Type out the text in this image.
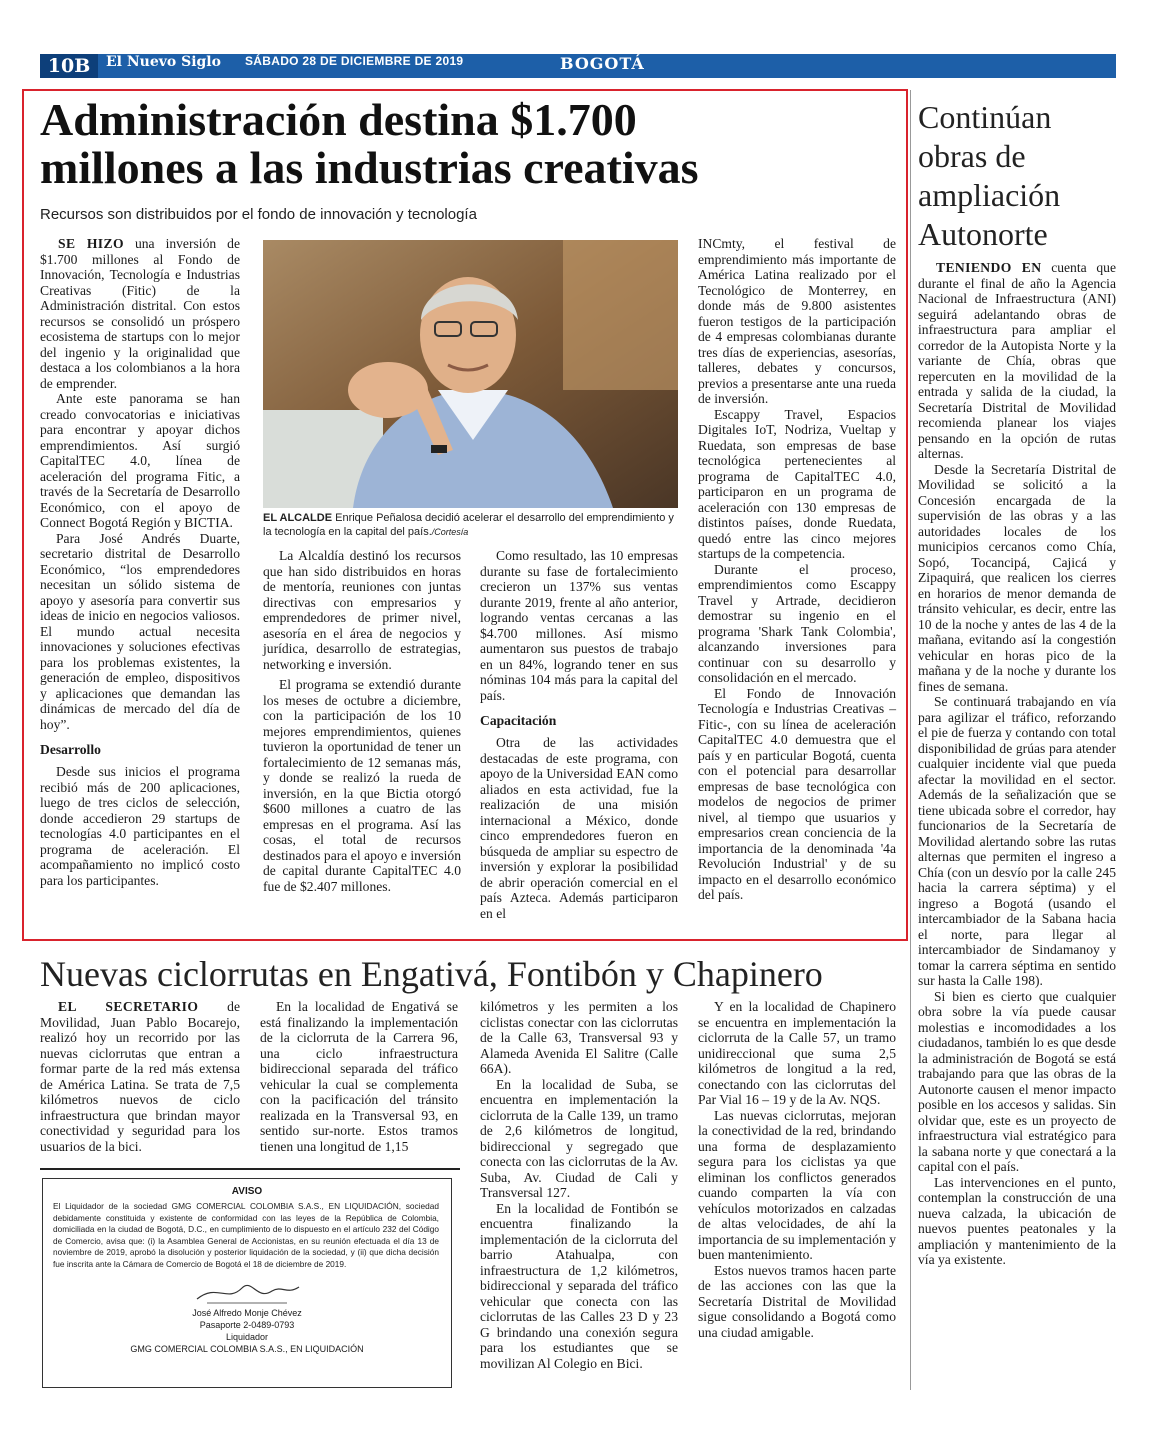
10B	El Nuevo Siglo SÁBADO 28 DE DICIEMBRE DE 2019	BOGOTÁ
Administración destina $1.700
millones a las industrias creativas
Recursos son distribuidos por el fondo de innovación y tecnología

SE HIZO una inversión de $1.700 millones al Fondo de Innovación, Tecnología e Industrias Creativas (Fitic) de la Administración distrital. Con estos recursos se consolidó un próspero ecosistema de startups con lo mejor del ingenio y la originalidad que destaca a los colombianos a la hora de emprender.

Ante este panorama se han creado convocatorias e iniciativas para encontrar y apoyar dichos emprendimientos. Así surgió CapitalTEC 4.0, línea de aceleración del programa Fitic, a través de la Secretaría de Desarrollo Económico, con el apoyo de Connect Bogotá Región y BICTIA.

Para José Andrés Duarte, secretario distrital de Desarrollo Económico, “los emprendedores necesitan un sólido sistema de apoyo y asesoría para convertir sus ideas de inicio en negocios valiosos. El mundo actual necesita innovaciones y soluciones efectivas para los problemas existentes, la generación de empleo, dispositivos y aplicaciones que demandan las dinámicas de mercado del día de hoy”.

Desarrollo

Desde sus inicios el programa recibió más de 200 aplicaciones, luego de tres ciclos de selección, donde accedieron 29 startups de tecnologías 4.0 participantes en el programa de aceleración. El acompañamiento no implicó costo para los participantes.

EL ALCALDE Enrique Peñalosa decidió acelerar el desarrollo del emprendimiento y la tecnología en la capital del país./Cortesía

La Alcaldía destinó los recursos que han sido distribuidos en horas de mentoría, reuniones con juntas directivas con empresarios y emprendedores de primer nivel, asesoría en el área de negocios y jurídica, desarrollo de estrategias, networking e inversión.

El programa se extendió durante los meses de octubre a diciembre, con la participación de los 10 mejores emprendimientos, quienes tuvieron la oportunidad de tener un fortalecimiento de 12 semanas más, y donde se realizó la rueda de inversión, en la que Bictia otorgó $600 millones a cuatro de las empresas en el programa. Así las cosas, el total de recursos destinados para el apoyo e inversión de capital durante CapitalTEC 4.0 fue de $2.407 millones.

Como resultado, las 10 empresas durante su fase de fortalecimiento crecieron un 137% sus ventas durante 2019, frente al año anterior, logrando ventas cercanas a las $4.700 millones. Así mismo aumentaron sus puestos de trabajo en un 84%, logrando tener en sus nóminas 104 más para la capital del país.

Capacitación

Otra de las actividades destacadas de este programa, con apoyo de la Universidad EAN como aliados en esta actividad, fue la realización de una misión internacional a México, donde cinco emprendedores fueron en búsqueda de ampliar su espectro de inversión y explorar la posibilidad de abrir operación comercial en el país Azteca. Además participaron en el

INCmty, el festival de emprendimiento más importante de América Latina realizado por el Tecnológico de Monterrey, en donde más de 9.800 asistentes fueron testigos de la participación de 4 empresas colombianas durante tres días de experiencias, asesorías, talleres, debates y concursos, previos a presentarse ante una rueda de inversión.

Escappy Travel, Espacios Digitales IoT, Nodriza, Vueltap y Ruedata, son empresas de base tecnológica pertenecientes al programa de CapitalTEC 4.0, participaron en un programa de aceleración con 130 empresas de distintos países, donde Ruedata, quedó entre las cinco mejores startups de la competencia.

Durante el proceso, emprendimientos como Escappy Travel y Artrade, decidieron demostrar su ingenio en el programa 'Shark Tank Colombia', alcanzando inversiones para continuar con su desarrollo y consolidación en el mercado.

El Fondo de Innovación Tecnología e Industrias Creativas – Fitic-, con su línea de aceleración CapitalTEC 4.0 demuestra que el país y en particular Bogotá, cuenta con el potencial para desarrollar empresas de base tecnológica con modelos de negocios de primer nivel, al tiempo que usuarios y empresarios crean conciencia de la importancia de la denominada '4a Revolución Industrial' y de su impacto en el desarrollo económico del país.

Continúan obras de ampliación Autonorte

TENIENDO EN cuenta que durante el final de año la Agencia Nacional de Infraestructura (ANI) seguirá adelantando obras de infraestructura para ampliar el corredor de la Autopista Norte y la variante de Chía, obras que repercuten en la movilidad de la entrada y salida de la ciudad, la Secretaría Distrital de Movilidad recomienda planear los viajes pensando en la opción de rutas alternas.

Desde la Secretaría Distrital de Movilidad se solicitó a la Concesión encargada de la supervisión de las obras y a las autoridades locales de los municipios cercanos como Chía, Sopó, Tocancipá, Cajicá y Zipaquirá, que realicen los cierres en horarios de menor demanda de tránsito vehicular, es decir, entre las 10 de la noche y antes de las 4 de la mañana, evitando así la congestión vehicular en horas pico de la mañana y de la noche y durante los fines de semana.

Se continuará trabajando en vía para agilizar el tráfico, reforzando el pie de fuerza y contando con total disponibilidad de grúas para atender cualquier incidente vial que pueda afectar la movilidad en el sector. Además de la señalización que se tiene ubicada sobre el corredor, hay funcionarios de la Secretaría de Movilidad alertando sobre las rutas alternas que permiten el ingreso a Chía (con un desvío por la calle 245 hacia la carrera séptima) y el ingreso a Bogotá (usando el intercambiador de la Sabana hacia el norte, para llegar al intercambiador de Sindamanoy y tomar la carrera séptima en sentido sur hasta la Calle 198).

Si bien es cierto que cualquier obra sobre la vía puede causar molestias e incomodidades a los ciudadanos, también lo es que desde la administración de Bogotá se está trabajando para que las obras de la Autonorte causen el menor impacto posible en los accesos y salidas. Sin olvidar que, este es un proyecto de infraestructura vial estratégico para la sabana norte y que conectará a la capital con el país.

Las intervenciones en el punto, contemplan la construcción de una nueva calzada, la ubicación de nuevos puentes peatonales y la ampliación y mantenimiento de la vía ya existente.

Nuevas ciclorrutas en Engativá, Fontibón y Chapinero

EL SECRETARIO de Movilidad, Juan Pablo Bocarejo, realizó hoy un recorrido por las nuevas ciclorrutas que entran a formar parte de la red más extensa de América Latina. Se trata de 7,5 kilómetros nuevos de ciclo infraestructura que brindan mayor conectividad y seguridad para los usuarios de la bici.

En la localidad de Engativá se está finalizando la implementación de la ciclorruta de la Carrera 96, una ciclo infraestructura bidireccional separada del tráfico vehicular la cual se complementa con la pacificación del tránsito realizada en la Transversal 93, en sentido sur-norte. Estos tramos tienen una longitud de 1,15

kilómetros y les permiten a los ciclistas conectar con las ciclorrutas de la Calle 63, Transversal 93 y Alameda Avenida El Salitre (Calle 66A).

En la localidad de Suba, se encuentra en implementación la ciclorruta de la Calle 139, un tramo de 2,6 kilómetros de longitud, bidireccional y segregado que conecta con las ciclorrutas de la Av. Suba, Av. Ciudad de Cali y Transversal 127.

En la localidad de Fontibón se encuentra finalizando la implementación de la ciclorruta del barrio Atahualpa, con infraestructura de 1,2 kilómetros, bidireccional y separada del tráfico vehicular que conecta con las ciclorrutas de las Calles 23 D y 23 G brindando una conexión segura para los estudiantes que se movilizan Al Colegio en Bici.

Y en la localidad de Chapinero se encuentra en implementación la ciclorruta de la Calle 57, un tramo unidireccional que suma 2,5 kilómetros de longitud a la red, conectando con las ciclorrutas del Par Vial 16 – 19 y de la Av. NQS.

Las nuevas ciclorrutas, mejoran la conectividad de la red, brindando una forma de desplazamiento segura para los ciclistas ya que eliminan los conflictos generados cuando comparten la vía con vehículos motorizados en calzadas de altas velocidades, de ahí la importancia de su implementación y buen mantenimiento.

Estos nuevos tramos hacen parte de las acciones con las que la Secretaría Distrital de Movilidad sigue consolidando a Bogotá como una ciudad amigable.

AVISO
El Liquidador de la sociedad GMG COMERCIAL COLOMBIA S.A.S., EN LIQUIDACIÓN, sociedad debidamente constituida y existente de conformidad con las leyes de la República de Colombia, domiciliada en la ciudad de Bogotá, D.C., en cumplimiento de lo dispuesto en el artículo 232 del Código de Comercio, avisa que: (i) la Asamblea General de Accionistas, en su reunión efectuada el día 13 de noviembre de 2019, aprobó la disolución y posterior liquidación de la sociedad, y (ii) que dicha decisión fue inscrita ante la Cámara de Comercio de Bogotá el 18 de diciembre de 2019.
José Alfredo Monje Chévez
Pasaporte 2-0489-0793
Liquidador
GMG COMERCIAL COLOMBIA S.A.S., EN LIQUIDACIÓN
